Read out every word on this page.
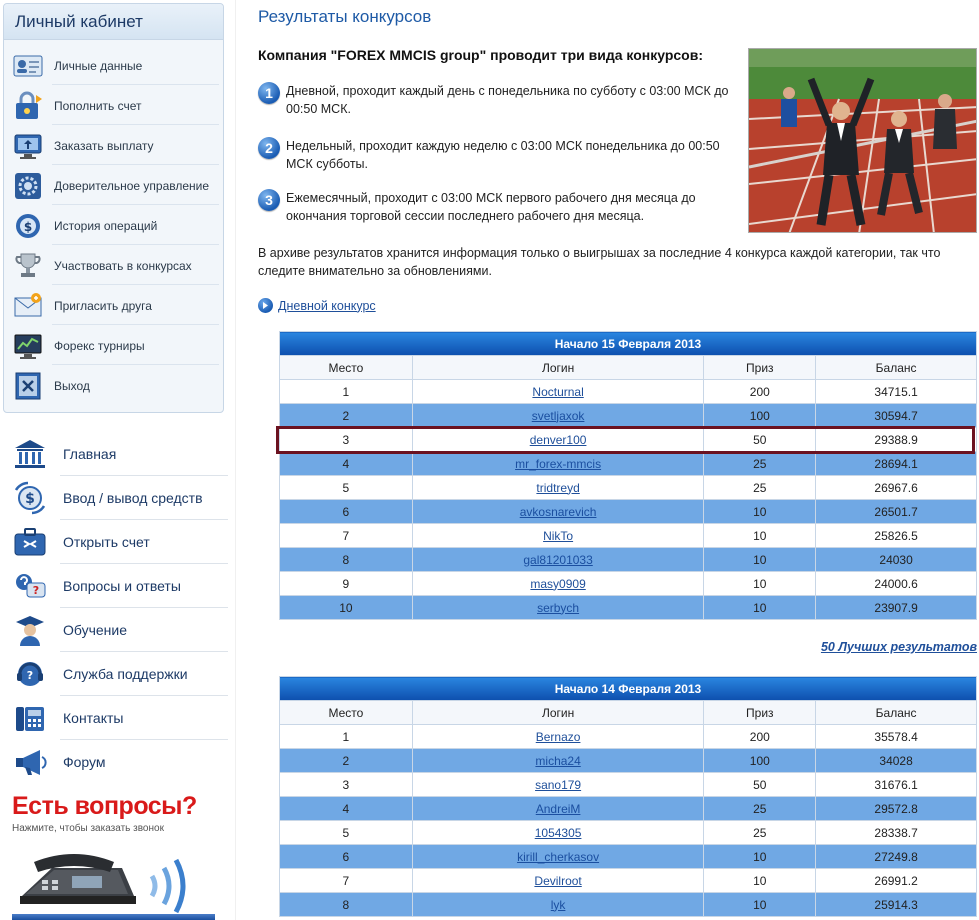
Личный кабинет
Личные данные
Пополнить счет
Заказать выплату
Доверительное управление
$ История операций
Участвовать в конкурсах
Пригласить друга
Форекс турниры
Выход
Главная
$ Ввод / вывод средств
Открыть счет
? Вопросы и ответы
Обучение
? Служба поддержки
Контакты
Форум
Есть вопросы?
Нажмите, чтобы заказать звонок
Результаты конкурсов
Компания "FOREX MMCIS group" проводит три вида конкурсов:
1	Дневной, проходит каждый день с понедельника по субботу с 03:00 МСК до 00:50 МСК.
2	Недельный, проходит каждую неделю с 03:00 МСК понедельника до 00:50 МСК субботы.
3	Ежемесячный, проходит с 03:00 МСК первого рабочего дня месяца до окончания торговой сессии последнего рабочего дня месяца.
В архиве результатов хранится информация только о выигрышах за последние 4 конкурса каждой категории, так что следите внимательно за обновлениями.
Дневной конкурс
Начало 15 Февраля 2013			
Место	Логин	Приз	Баланс
1	Nocturnal	200	34715.1
2	svetljaxok	100	30594.7
3	denver100	50	29388.9
4	mr_forex-mmcis	25	28694.1
5	tridtreyd	25	26967.6
6	avkosnarevich	10	26501.7
7	NikTo	10	25826.5
8	gal81201033	10	24030
9	masy0909	10	24000.6
10	serbych	10	23907.9
50 Лучших результатов
Начало 14 Февраля 2013			
Место	Логин	Приз	Баланс
1	Bernazo	200	35578.4
2	micha24	100	34028
3	sano179	50	31676.1
4	AndreiM	25	29572.8
5	1054305	25	28338.7
6	kirill_cherkasov	10	27249.8
7	Devilroot	10	26991.2
8	lyk	10	25914.3
